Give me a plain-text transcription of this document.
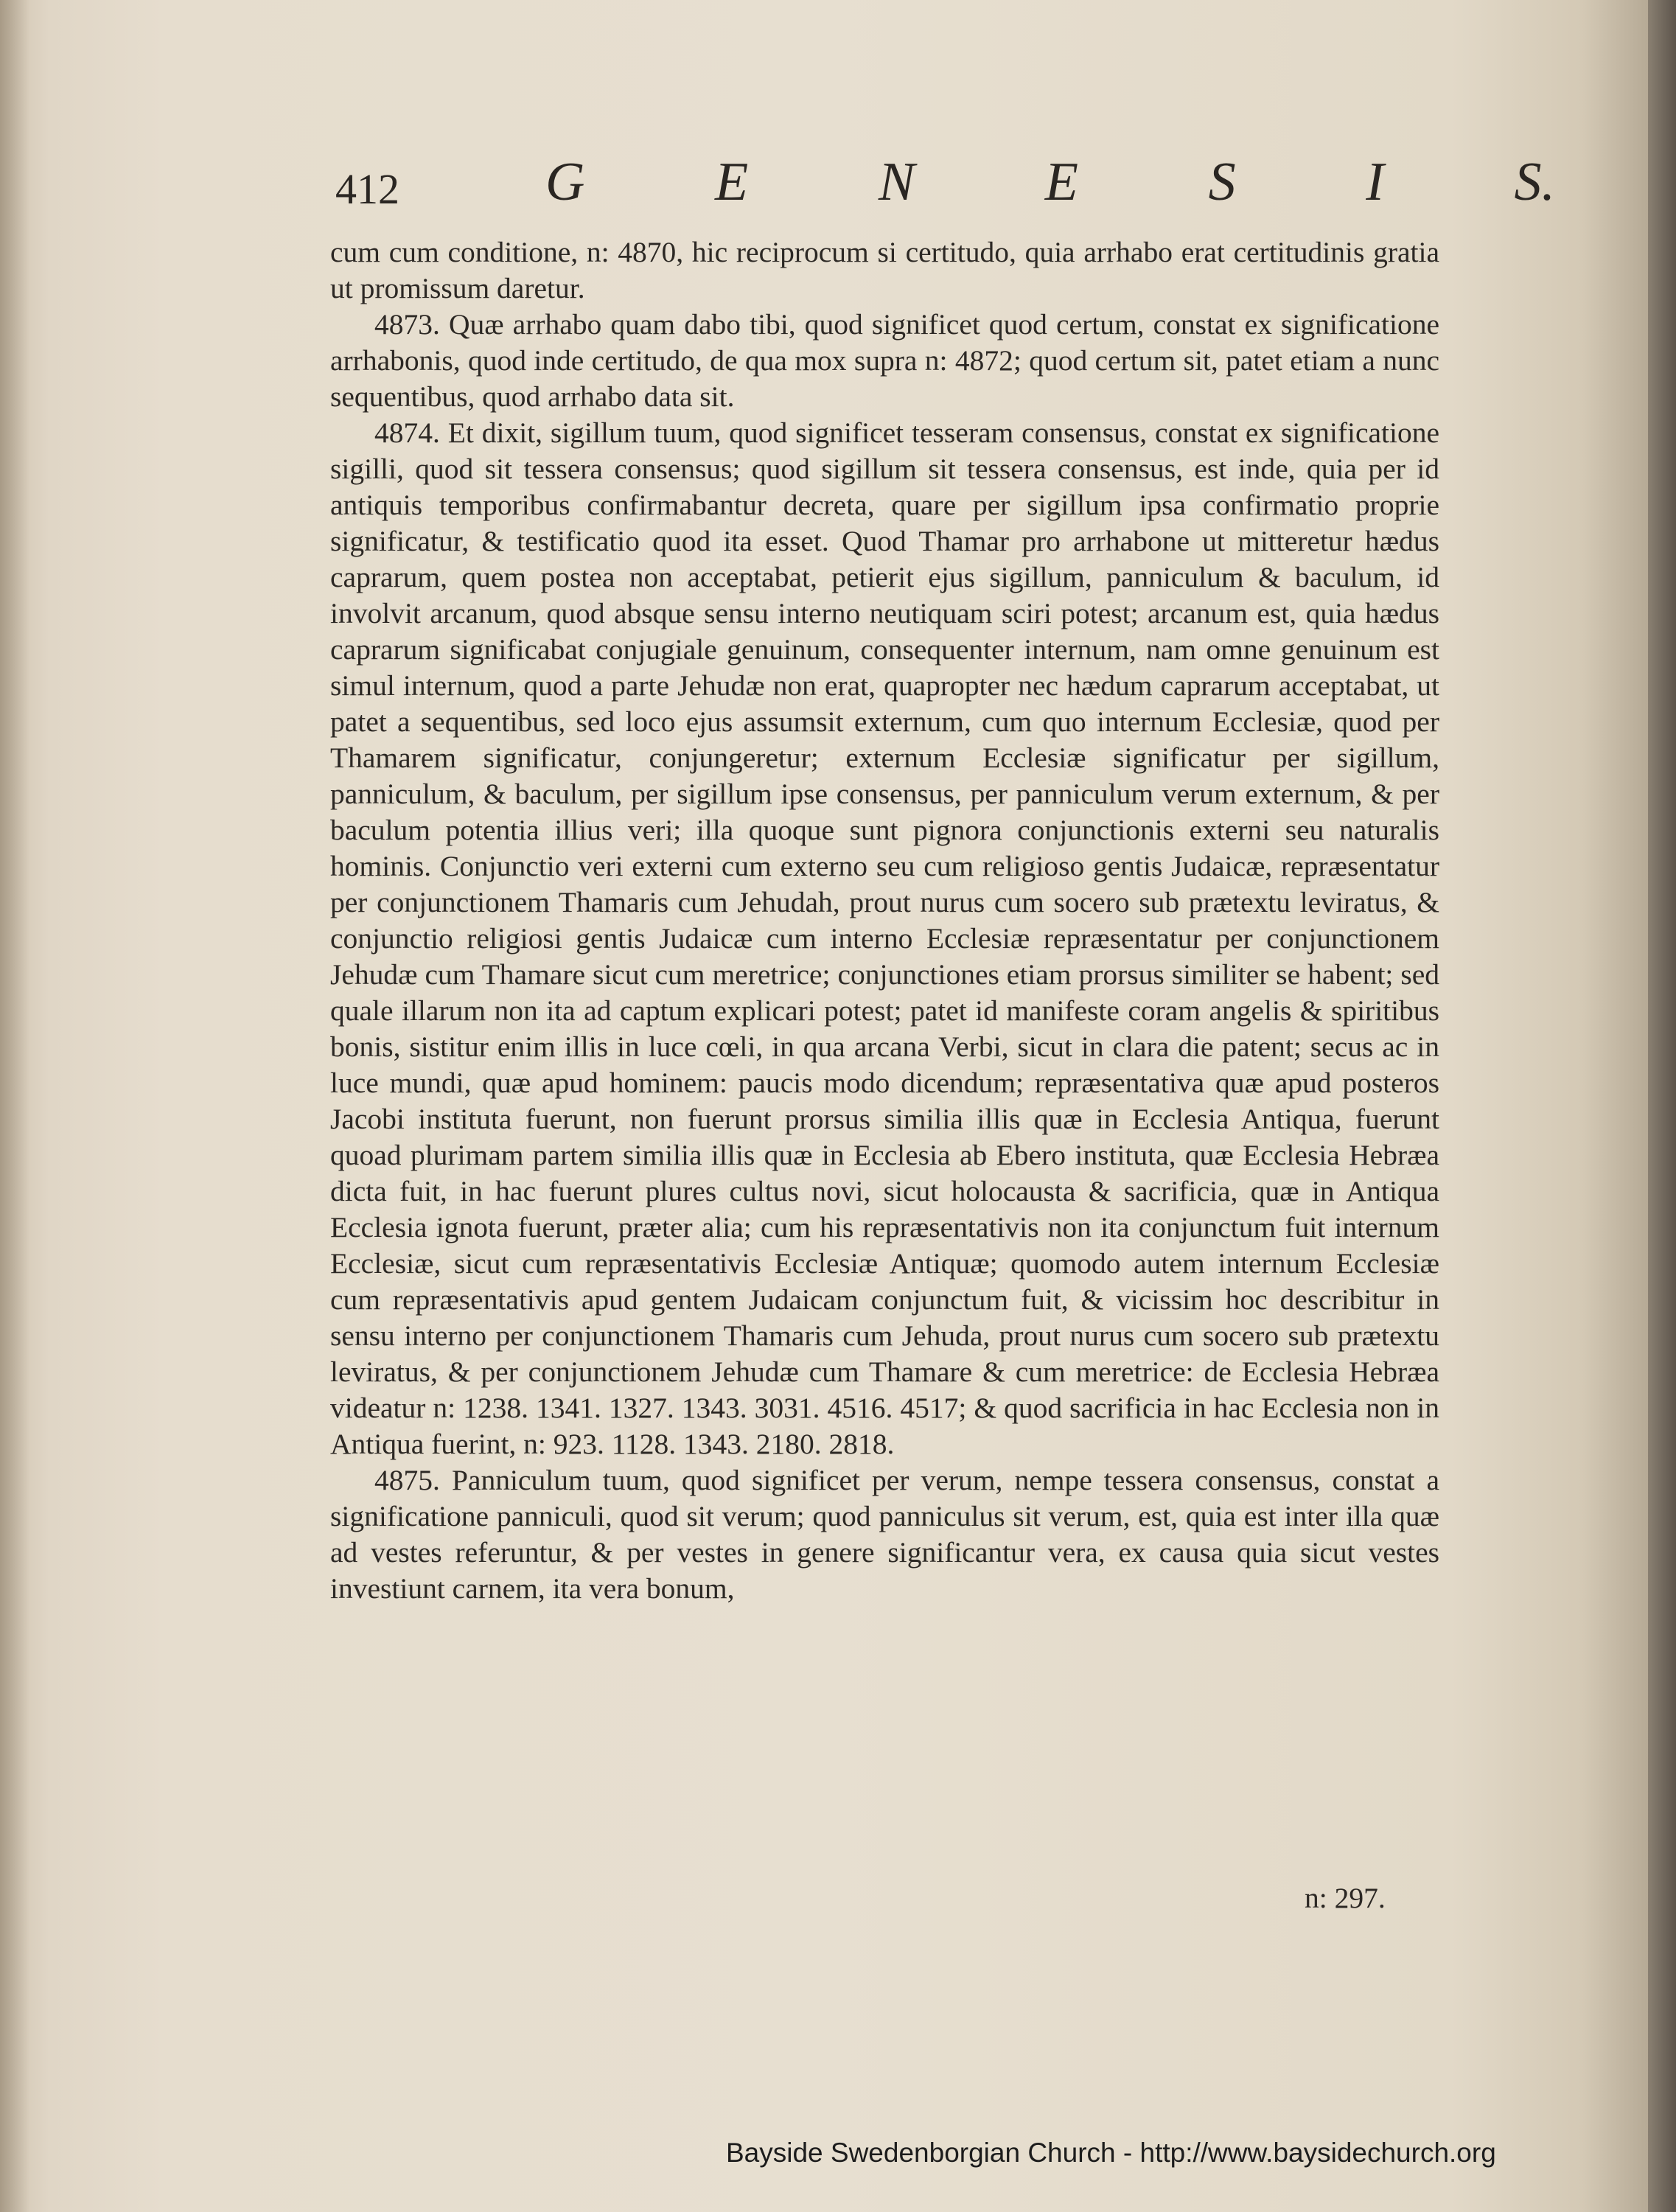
412	G E N E S I S.

cum cum conditione, n: 4870, hic reciprocum si certitudo, quia arrhabo erat certitudinis gratia ut promissum daretur.

4873. Quæ arrhabo quam dabo tibi, quod significet quod certum, constat ex significatione arrhabonis, quod inde certitudo, de qua mox supra n: 4872; quod certum sit, patet etiam a nunc sequentibus, quod arrhabo data sit.

4874. Et dixit, sigillum tuum, quod significet tesseram consensus, constat ex significatione sigilli, quod sit tessera consensus; quod sigillum sit tessera consensus, est inde, quia per id antiquis temporibus confirmabantur decreta, quare per sigillum ipsa confirmatio proprie significatur, & testificatio quod ita esset. Quod Thamar pro arrhabone ut mitteretur hædus caprarum, quem postea non acceptabat, petierit ejus sigillum, panniculum & baculum, id involvit arcanum, quod absque sensu interno neutiquam sciri potest; arcanum est, quia hædus caprarum significabat conjugiale genuinum, consequenter internum, nam omne genuinum est simul internum, quod a parte Jehudæ non erat, quapropter nec hædum caprarum acceptabat, ut patet a sequentibus, sed loco ejus assumsit externum, cum quo internum Ecclesiæ, quod per Thamarem significatur, conjungeretur; externum Ecclesiæ significatur per sigillum, panniculum, & baculum, per sigillum ipse consensus, per panniculum verum externum, & per baculum potentia illius veri; illa quoque sunt pignora conjunctionis externi seu naturalis hominis. Conjunctio veri externi cum externo seu cum religioso gentis Judaicæ, repræsentatur per conjunctionem Thamaris cum Jehudah, prout nurus cum socero sub prætextu leviratus, & conjunctio religiosi gentis Judaicæ cum interno Ecclesiæ repræsentatur per conjunctionem Jehudæ cum Thamare sicut cum meretrice; conjunctiones etiam prorsus similiter se habent; sed quale illarum non ita ad captum explicari potest; patet id manifeste coram angelis & spiritibus bonis, sistitur enim illis in luce cœli, in qua arcana Verbi, sicut in clara die patent; secus ac in luce mundi, quæ apud hominem: paucis modo dicendum; repræsentativa quæ apud posteros Jacobi instituta fuerunt, non fuerunt prorsus similia illis quæ in Ecclesia Antiqua, fuerunt quoad plurimam partem similia illis quæ in Ecclesia ab Ebero instituta, quæ Ecclesia Hebræa dicta fuit, in hac fuerunt plures cultus novi, sicut holocausta & sacrificia, quæ in Antiqua Ecclesia ignota fuerunt, præter alia; cum his repræsentativis non ita conjunctum fuit internum Ecclesiæ, sicut cum repræsentativis Ecclesiæ Antiquæ; quomodo autem internum Ecclesiæ cum repræsentativis apud gentem Judaicam conjunctum fuit, & vicissim hoc describitur in sensu interno per conjunctionem Thamaris cum Jehuda, prout nurus cum socero sub prætextu leviratus, & per conjunctionem Jehudæ cum Thamare & cum meretrice: de Ecclesia Hebræa videatur n: 1238. 1341. 1327. 1343. 3031. 4516. 4517; & quod sacrificia in hac Ecclesia non in Antiqua fuerint, n: 923. 1128. 1343. 2180. 2818.

4875. Panniculum tuum, quod significet per verum, nempe tessera consensus, constat a significatione panniculi, quod sit verum; quod panniculus sit verum, est, quia est inter illa quæ ad vestes referuntur, & per vestes in genere significantur vera, ex causa quia sicut vestes investiunt carnem, ita vera bonum,

n: 297.
Bayside Swedenborgian Church - http://www.baysidechurch.org
